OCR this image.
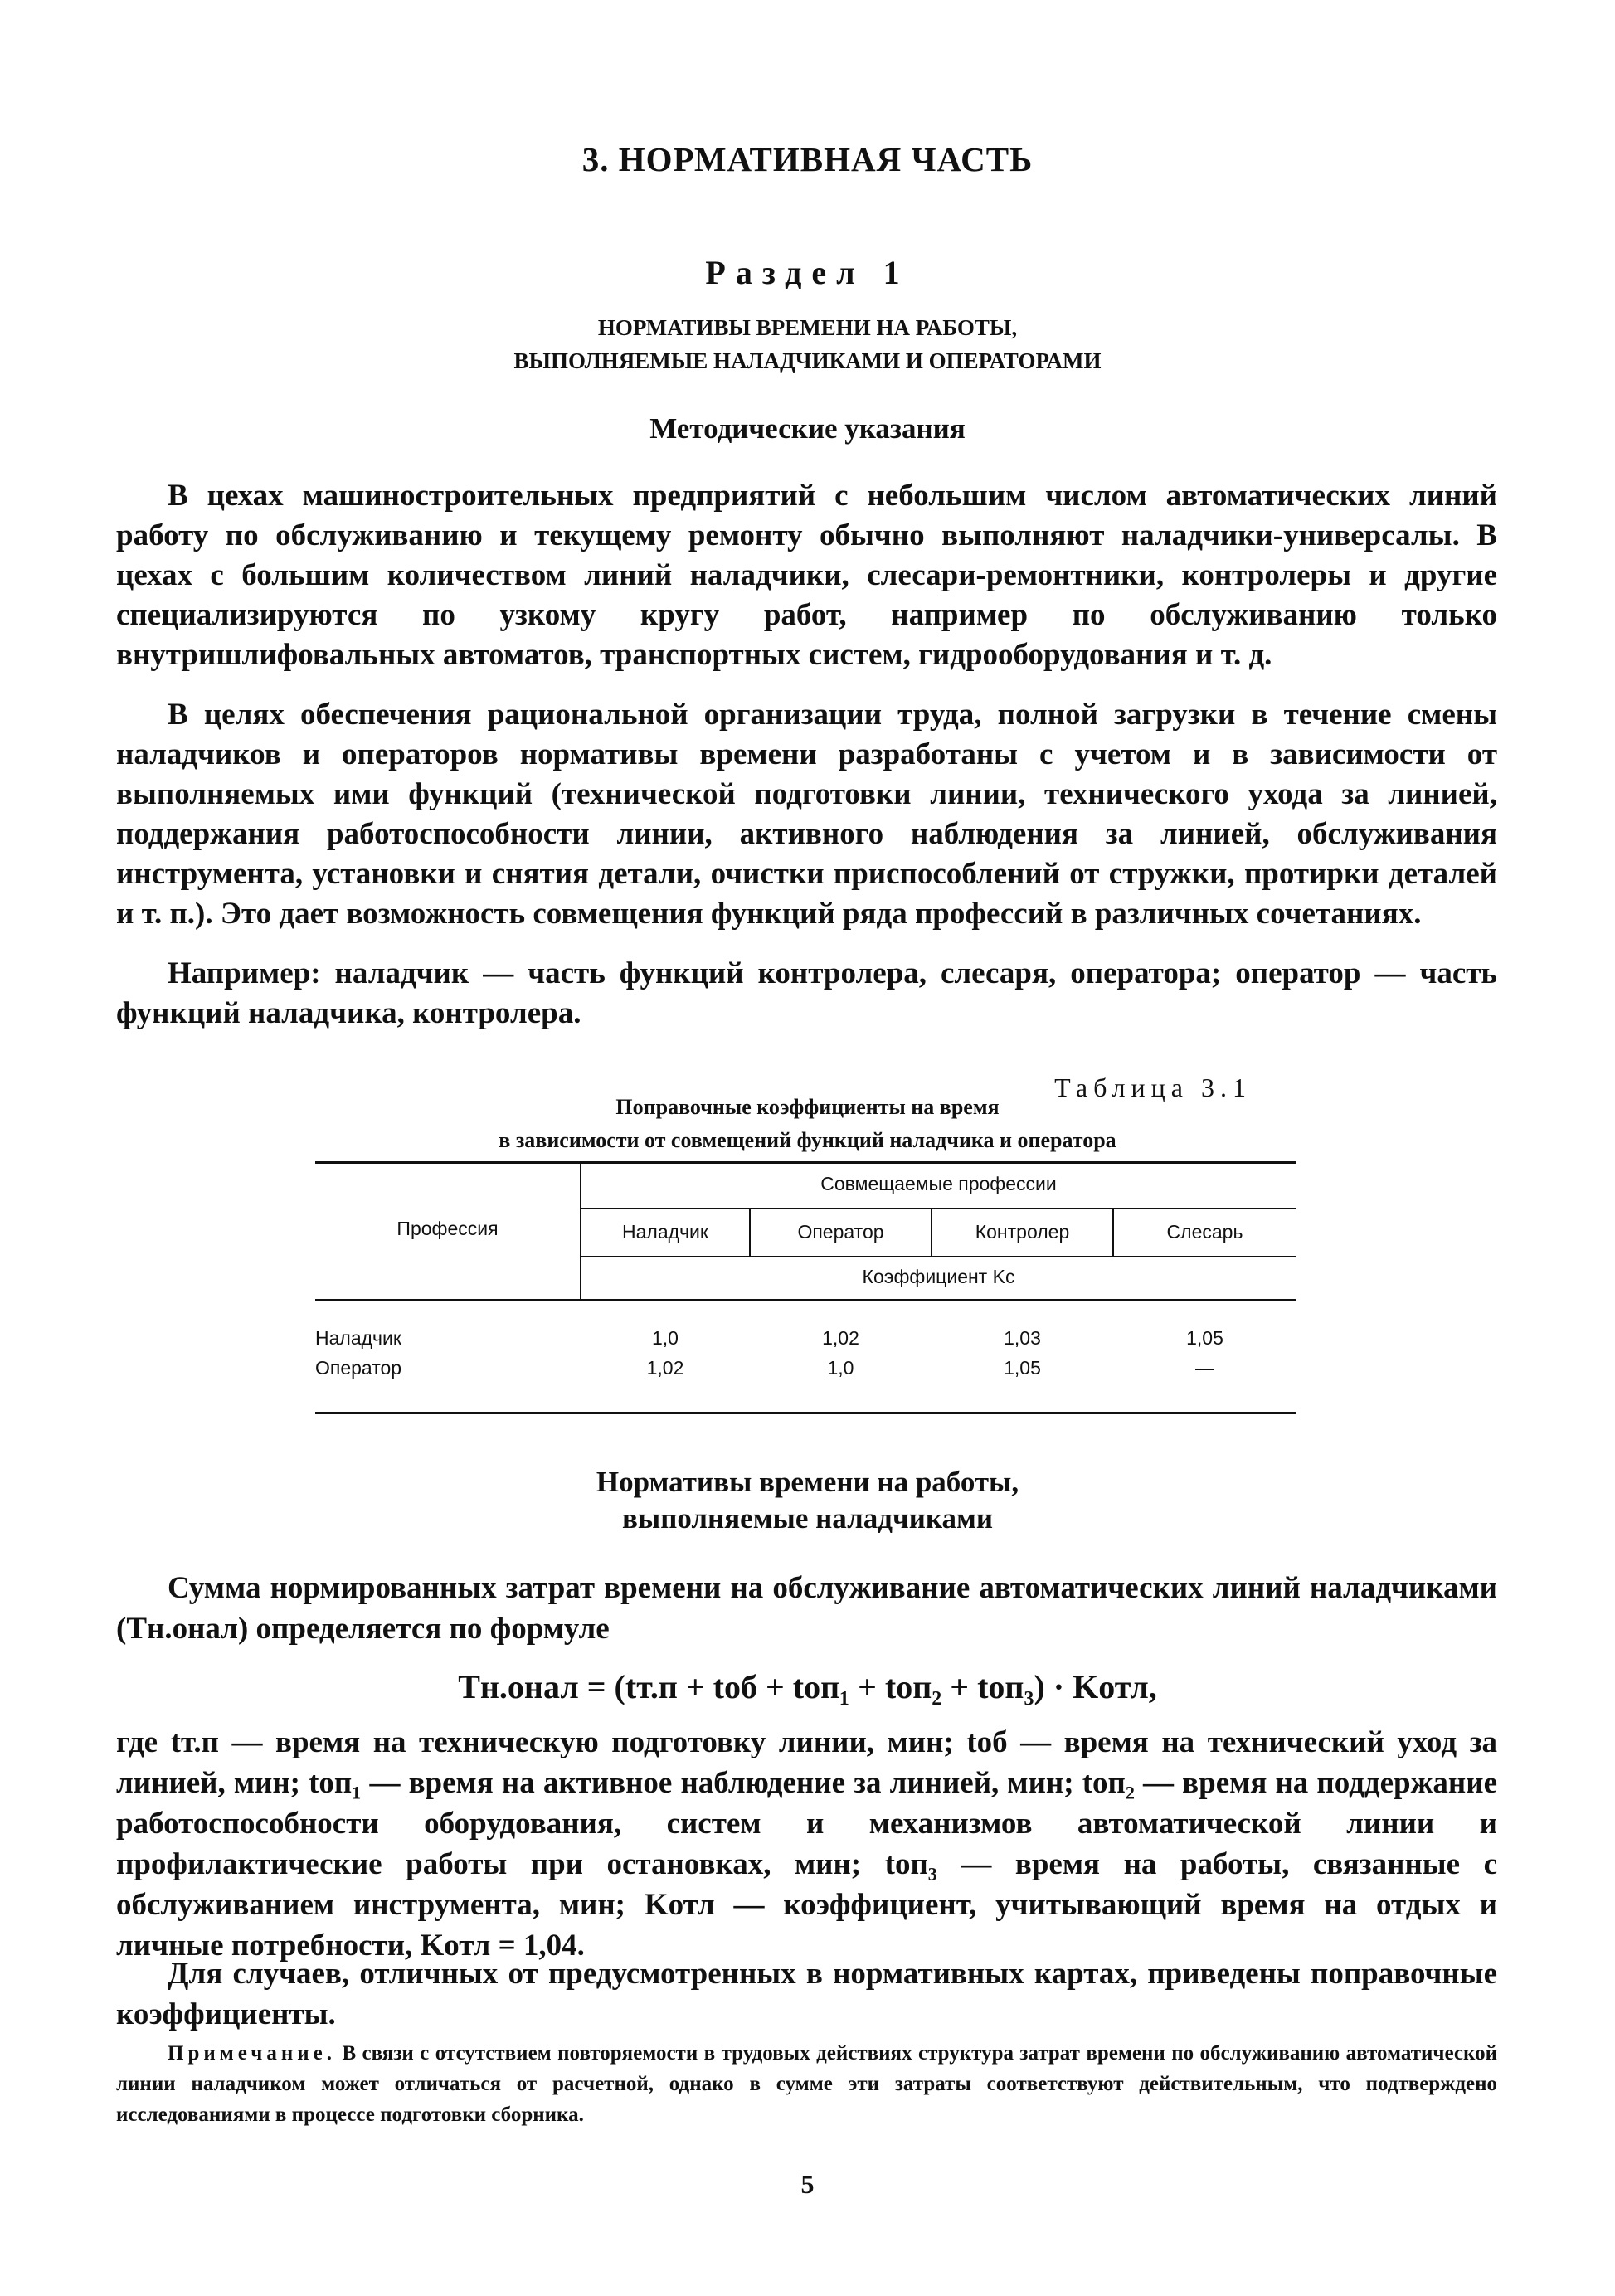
3. НОРМАТИВНАЯ ЧАСТЬ
Раздел 1
НОРМАТИВЫ ВРЕМЕНИ НА РАБОТЫ,
ВЫПОЛНЯЕМЫЕ НАЛАДЧИКАМИ И ОПЕРАТОРАМИ
Методические указания

В цехах машиностроительных предприятий с небольшим числом автоматических линий работу по обслуживанию и текущему ремонту обычно выполняют наладчики-универсалы. В цехах с большим количеством линий наладчики, слесари-ремонтники, контролеры и другие специализируются по узкому кругу работ, например по обслуживанию только внутришлифовальных автоматов, транспортных систем, гидрооборудования и т. д.

В целях обеспечения рациональной организации труда, полной загрузки в течение смены наладчиков и операторов нормативы времени разработаны с учетом и в зависимости от выполняемых ими функций (технической подготовки линии, технического ухода за линией, поддержания работоспособности линии, активного наблюдения за линией, обслуживания инструмента, установки и снятия детали, очистки приспособлений от стружки, протирки деталей и т. п.). Это дает возможность совмещения функций ряда профессий в различных сочетаниях.

Например: наладчик — часть функций контролера, слесаря, оператора; оператор — часть функций наладчика, контролера.

Таблица 3.1
Поправочные коэффициенты на время
в зависимости от совмещений функций наладчика и оператора
Профессия
Совмещаемые профессии
Наладчик	Оператор	Контролер	Слесарь
Коэффициент Kс
Наладчик	1,0	1,02	1,03	1,05
Оператор	1,02	1,0	1,05	—
Нормативы времени на работы,
выполняемые наладчиками

Сумма нормированных затрат времени на обслуживание автоматических линий наладчиками (Tн.oнал) определяется по формуле

Tн.oнал = (tт.п + tоб + tоп₁ + tоп₂ + tоп₃) · Kотл,

где tт.п — время на техническую подготовку линии, мин; tоб — время на технический уход за линией, мин; tоп₁ — время на активное наблюдение за линией, мин; tоп₂ — время на поддержание работоспособности оборудования, систем и механизмов автоматической линии и профилактические работы при остановках, мин; tоп₃ — время на работы, связанные с обслуживанием инструмента, мин; Kотл — коэффициент, учитывающий время на отдых и личные потребности, Kотл = 1,04.

Для случаев, отличных от предусмотренных в нормативных картах, приведены поправочные коэффициенты.

Примечание. В связи с отсутствием повторяемости в трудовых действиях структура затрат времени по обслуживанию автоматической линии наладчиком может отличаться от расчетной, однако в сумме эти затраты соответствуют действительным, что подтверждено исследованиями в процессе подготовки сборника.

5
